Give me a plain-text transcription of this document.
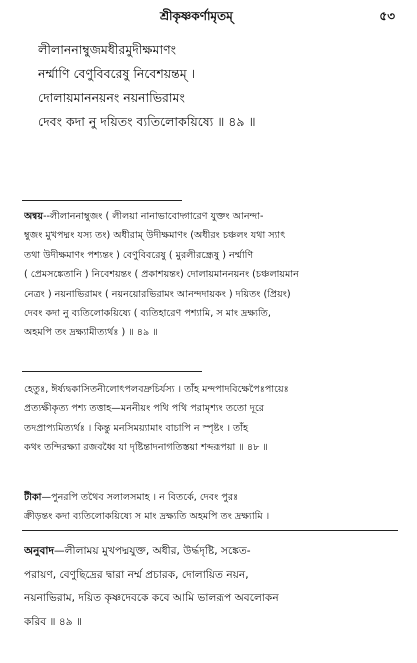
শ্রীকৃষ্ণকর্ণামৃতম্‌	৫৩
লীলাননাম্বুজমধীরমুদীক্ষমাণং
নর্ম্মাণি বেণুবিবরেষু নিবেশয়ন্তম্‌ ।
দোলায়মাননয়নং নয়নাভিরামং
দেবং কদা নু দয়িতং ব্যতিলোকয়িষ্যে ॥ ৪৯ ॥
অন্বয়--লীলাননাম্বুজং ( লীলয়া নানাভাবোদ্গারেণ যুক্তং আনন্দা-
ম্বুজং মুখপদ্মং যস্য তং) অধীরাম্‌ উদীক্ষমাণং (অধীরং চঞ্চলং যথা স্যাৎ
তথা উদীক্ষমাণং পশ্যন্তং ) বেণুবিবরেষু ( মুরলীরন্ধ্রেষু ) নর্ম্মাণি
( প্রেমসঙ্কেতানি ) নিবেশয়ন্তং ( প্রকাশয়ন্তং) দোলায়মাননয়নং (চঞ্চলায়মান
নেত্রং ) নয়নাভিরামং ( নয়নয়োরভিরামং আনন্দদায়কং ) দয়িতং (প্রিয়ং)
দেবং কদা নু ব্যতিলোকয়িষ্যে ( ব্যতিহারেণ পশ্যামি, স মাং দ্রক্ষ্যতি,
অহমপি তং দ্রক্ষ্যামীত্যর্থঃ ) ॥ ৪৯ ॥
হেতুঃ, ঈর্ষ্যদ্বকাসিতনীলোৎপলবদ্রুচির্যস্য । তাঁহ মন্দপাদবিক্ষেপৈঃপায়েঃ
প্রত্যক্ষীকৃত্য পশ্য তত্তাহ—মননীয়ং পথি পথি পরামৃশ্যং ততো দূরে
তদপ্রাপ্যমিত্যর্থঃ । কিন্তু মনসিময়্যামাং বাচাপি ন স্পৃষ্টং । তাঁহ
কথং তন্দিরক্ষ্যা রজবধ্বৈ যা দৃষ্টিন্তাদনাগতিস্তয়া শব্দরূপয়া ॥ ৪৮ ॥
টীকা—পুনরপি তথৈব সলালসমাহ । ন বিতর্কে, দেবং পুরঃ
ক্রীড়ন্তং কদা ব্যতিলোকয়িষ্যে স মাং দ্রক্ষ্যতি অহমপি তং দ্রক্ষ্যামি ।
অনুবাদ—লীলাময় মুখপদ্মযুক্ত, অধীর, উর্দ্ধদৃষ্টি, সঙ্কেত-
পরায়ণ, বেণুছিদ্রের দ্বারা নর্ম্ম প্রচারক, দোলায়িত নয়ন,
নয়নাভিরাম, দয়িত কৃষ্ণদেবকে কবে আমি ভালরূপ অবলোকন
করিব ॥ ৪৯ ॥
